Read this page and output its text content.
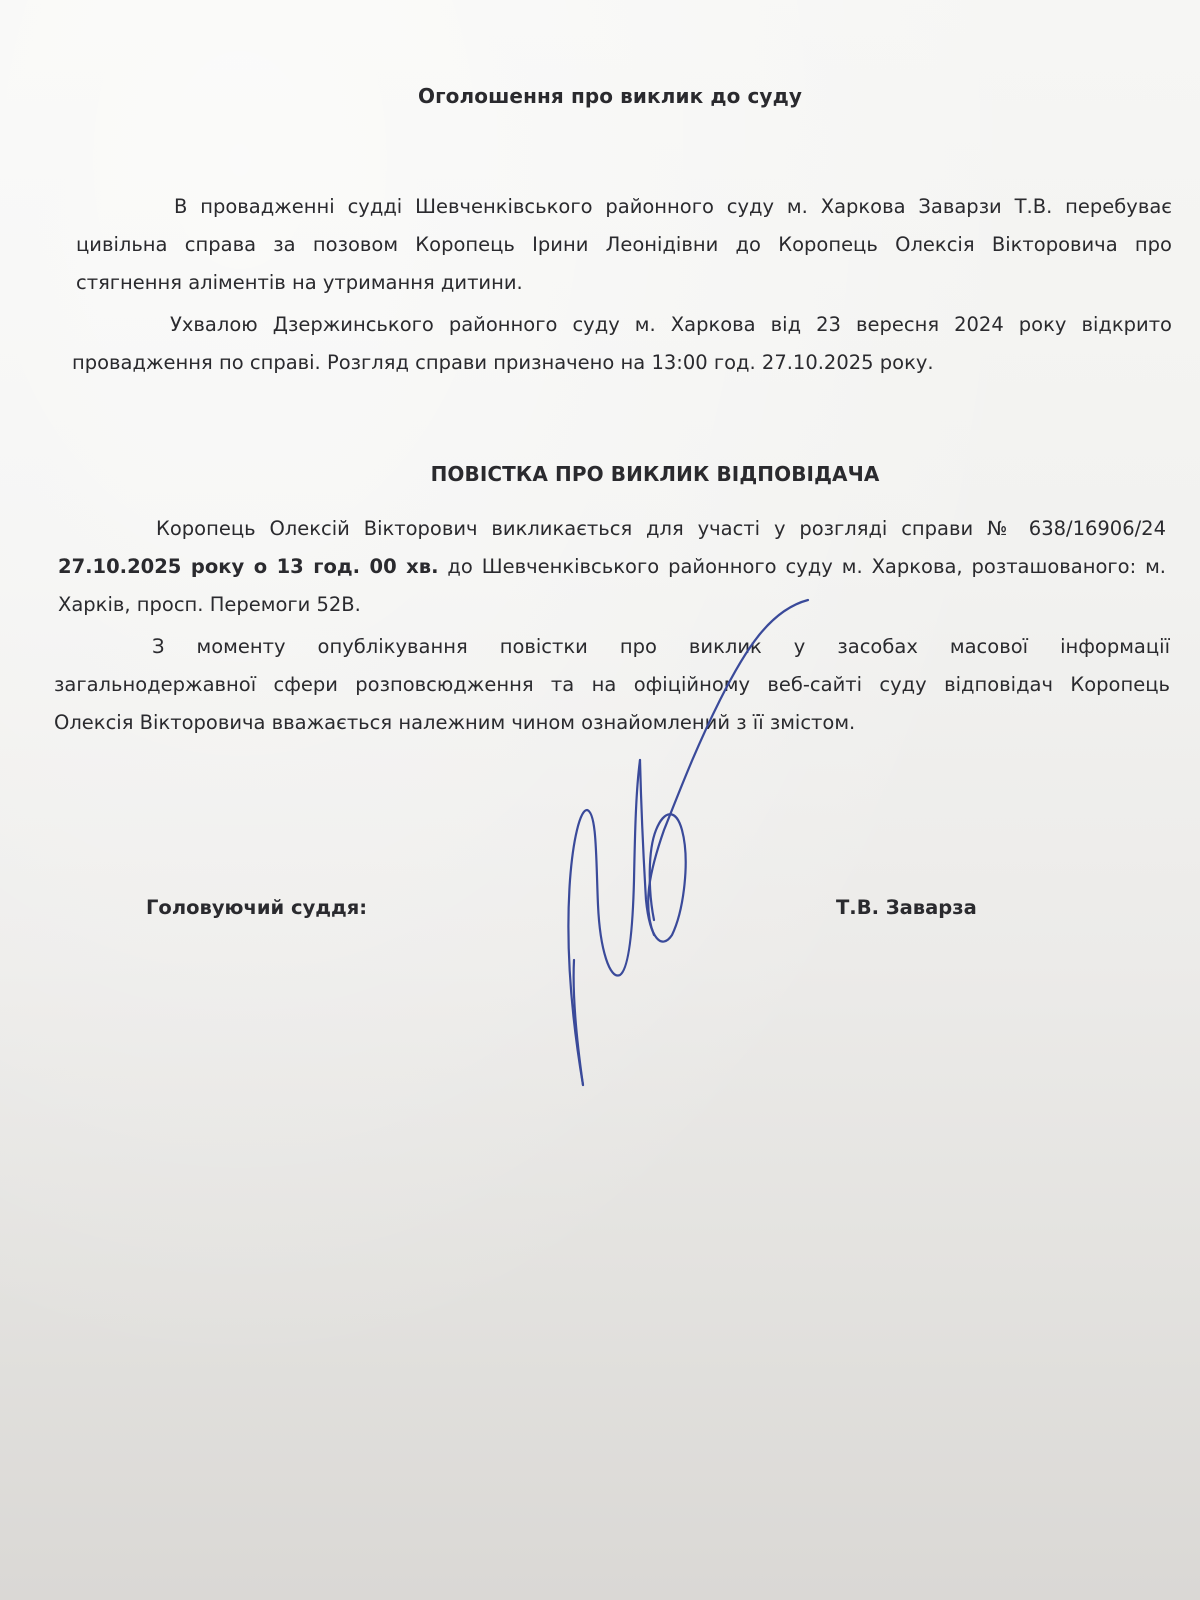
Оголошення про виклик до суду
В провадженні судді Шевченківського районного суду м. Харкова Заварзи Т.В. перебуває
цивільна справа за позовом Коропець Ірини Леонідівни до Коропець Олексія Вікторовича про
стягнення аліментів на утримання дитини.
Ухвалою Дзержинського районного суду м. Харкова від 23 вересня 2024 року відкрито
провадження по справі. Розгляд справи призначено на 13:00 год. 27.10.2025 року.
ПОВІСТКА ПРО ВИКЛИК ВІДПОВІДАЧА
Коропець Олексій Вікторович викликається для участі у розгляді справи № 638/16906/24
27.10.2025 року о 13 год. 00 хв. до Шевченківського районного суду м. Харкова, розташованого: м.
Харків, просп. Перемоги 52В.
З моменту опублікування повістки про виклик у засобах масової інформації
загальнодержавної сфери розповсюдження та на офіційному веб-сайті суду відповідач Коропець
Олексія Вікторовича вважається належним чином ознайомлений з її змістом.
Головуючий суддя:	Т.В. Заварза
